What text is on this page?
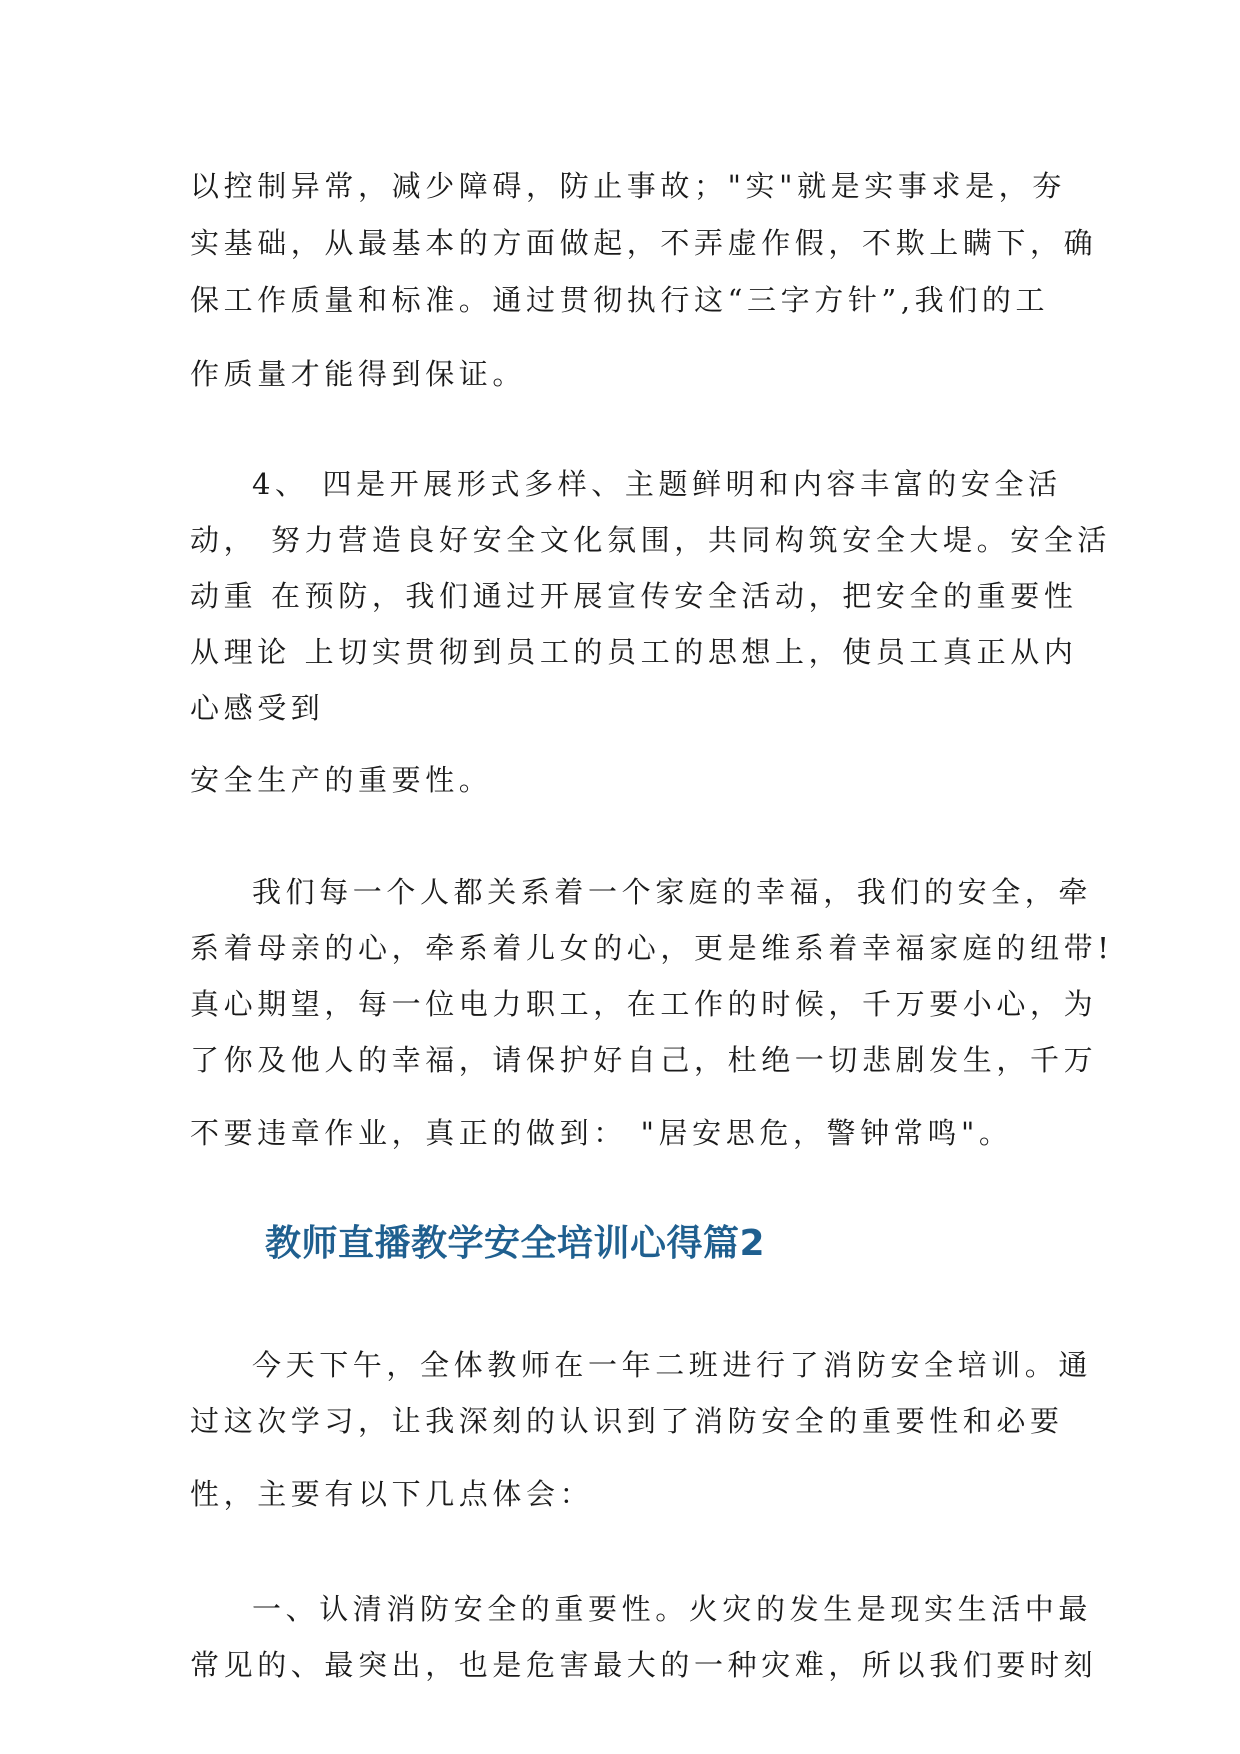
以控制异常，减少障碍，防止事故；"实"就是实事求是，夯
实基础，从最基本的方面做起，不弄虚作假，不欺上瞒下，确
保工作质量和标准。通过贯彻执行这“三字方针”,我们的工
作质量才能得到保证。
4、 四是开展形式多样、主题鲜明和内容丰富的安全活
动， 努力营造良好安全文化氛围，共同构筑安全大堤。安全活
动重 在预防，我们通过开展宣传安全活动，把安全的重要性
从理论 上切实贯彻到员工的员工的思想上，使员工真正从内
心感受到
安全生产的重要性。
我们每一个人都关系着一个家庭的幸福，我们的安全，牵
系着母亲的心，牵系着儿女的心，更是维系着幸福家庭的纽带!
真心期望，每一位电力职工，在工作的时候，千万要小心，为
了你及他人的幸福，请保护好自己，杜绝一切悲剧发生，千万
不要违章作业，真正的做到： "居安思危，警钟常鸣"。
教师直播教学安全培训心得篇2
今天下午，全体教师在一年二班进行了消防安全培训。通
过这次学习，让我深刻的认识到了消防安全的重要性和必要
性，主要有以下几点体会：
一、认清消防安全的重要性。火灾的发生是现实生活中最
常见的、最突出，也是危害最大的一种灾难，所以我们要时刻
